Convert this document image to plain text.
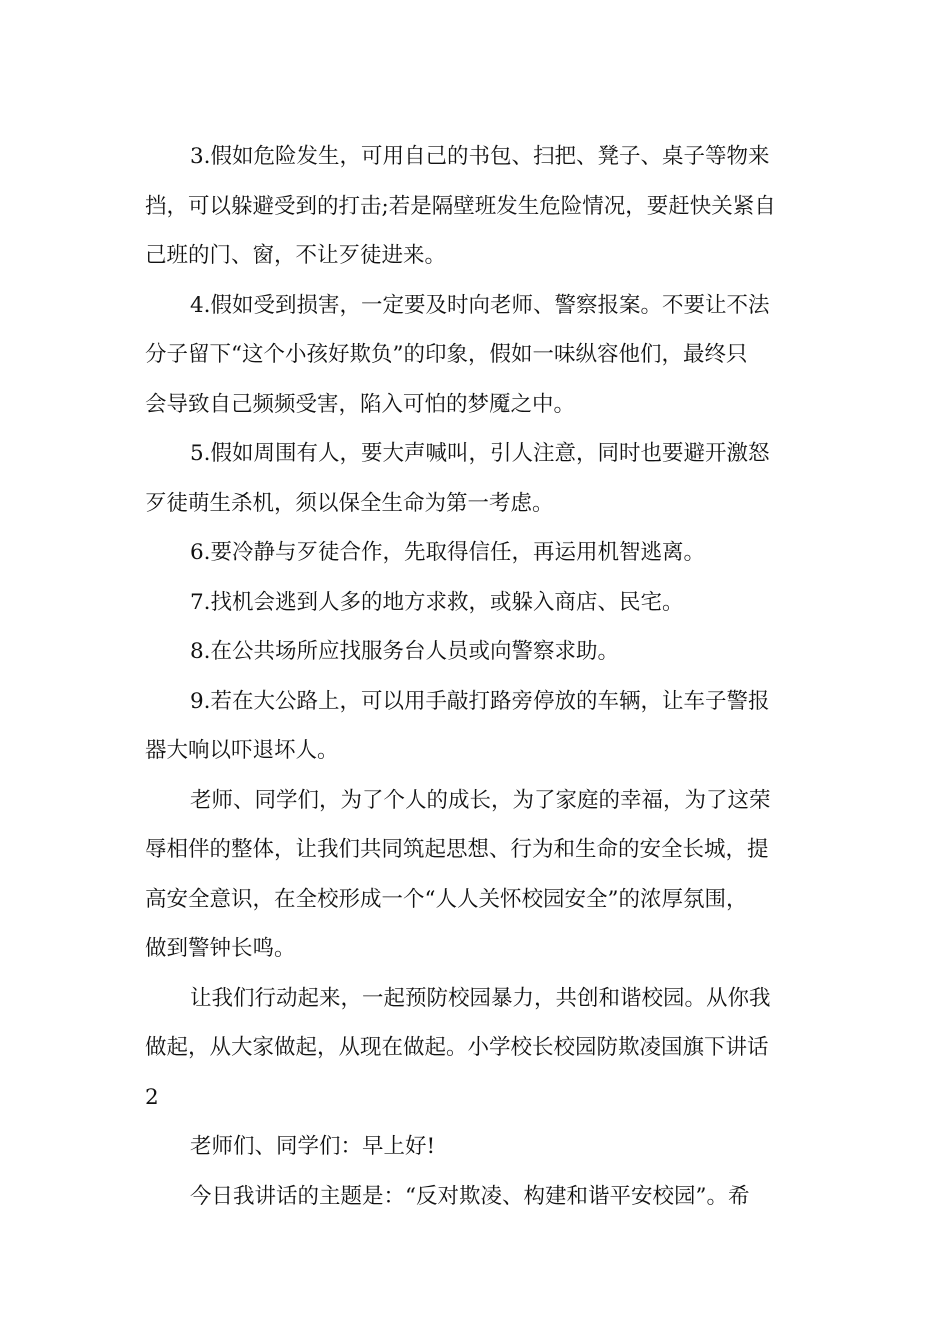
3.假如危险发生，可用自己的书包、扫把、凳子、桌子等物来
挡，可以躲避受到的打击;若是隔壁班发生危险情况，要赶快关紧自
己班的门、窗，不让歹徒进来。

4.假如受到损害，一定要及时向老师、警察报案。不要让不法
分子留下“这个小孩好欺负”的印象，假如一味纵容他们，最终只
会导致自己频频受害，陷入可怕的梦魇之中。

5.假如周围有人，要大声喊叫，引人注意，同时也要避开激怒
歹徒萌生杀机，须以保全生命为第一考虑。

6.要冷静与歹徒合作，先取得信任，再运用机智逃离。

7.找机会逃到人多的地方求救，或躲入商店、民宅。

8.在公共场所应找服务台人员或向警察求助。

9.若在大公路上，可以用手敲打路旁停放的车辆，让车子警报
器大响以吓退坏人。

老师、同学们，为了个人的成长，为了家庭的幸福，为了这荣
辱相伴的整体，让我们共同筑起思想、行为和生命的安全长城，提
高安全意识，在全校形成一个“人人关怀校园安全”的浓厚氛围，
做到警钟长鸣。

让我们行动起来，一起预防校园暴力，共创和谐校园。从你我
做起，从大家做起，从现在做起。小学校长校园防欺凌国旗下讲话
2

老师们、同学们：早上好!

今日我讲话的主题是：“反对欺凌、构建和谐平安校园”。希
